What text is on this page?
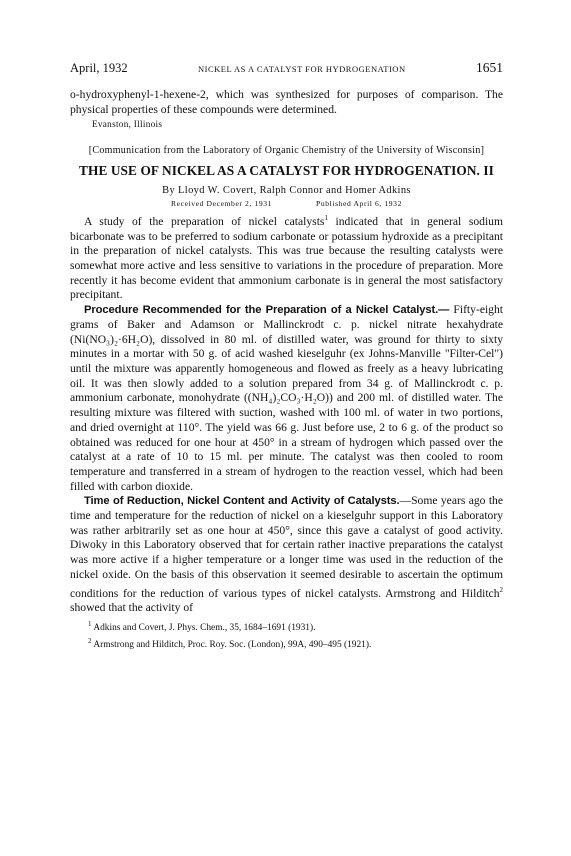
April, 1932	NICKEL AS A CATALYST FOR HYDROGENATION	1651

o-hydroxyphenyl-1-hexene-2, which was synthesized for purposes of comparison. The physical properties of these compounds were determined.

Evanston, Illinois

[Communication from the Laboratory of Organic Chemistry of the University of Wisconsin]

THE USE OF NICKEL AS A CATALYST FOR HYDROGENATION. II

By Lloyd W. Covert, Ralph Connor and Homer Adkins

Received December 2, 1931	Published April 6, 1932

A study of the preparation of nickel catalysts$^1$ indicated that in general sodium bicarbonate was to be preferred to sodium carbonate or potassium hydroxide as a precipitant in the preparation of nickel catalysts. This was true because the resulting catalysts were somewhat more active and less sensitive to variations in the procedure of preparation. More recently it has become evident that ammonium carbonate is in general the most satisfactory precipitant.

Procedure Recommended for the Preparation of a Nickel Catalyst.— Fifty-eight grams of Baker and Adamson or Mallinckrodt c. p. nickel nitrate hexahydrate (Ni(NO₃)₂·6H₂O), dissolved in 80 ml. of distilled water, was ground for thirty to sixty minutes in a mortar with 50 g. of acid washed kieselguhr (ex Johns-Manville "Filter-Cel") until the mixture was apparently homogeneous and flowed as freely as a heavy lubricating oil. It was then slowly added to a solution prepared from 34 g. of Mallinckrodt c. p. ammonium carbonate, monohydrate ((NH₄)₂CO₃·H₂O)) and 200 ml. of distilled water. The resulting mixture was filtered with suction, washed with 100 ml. of water in two portions, and dried overnight at 110°. The yield was 66 g. Just before use, 2 to 6 g. of the product so obtained was reduced for one hour at 450° in a stream of hydrogen which passed over the catalyst at a rate of 10 to 15 ml. per minute. The catalyst was then cooled to room temperature and transferred in a stream of hydrogen to the reaction vessel, which had been filled with carbon dioxide.

Time of Reduction, Nickel Content and Activity of Catalysts.—Some years ago the time and temperature for the reduction of nickel on a kieselguhr support in this Laboratory was rather arbitrarily set as one hour at 450°, since this gave a catalyst of good activity. Diwoky in this Laboratory observed that for certain rather inactive preparations the catalyst was more active if a higher temperature or a longer time was used in the reduction of the nickel oxide. On the basis of this observation it seemed desirable to ascertain the optimum conditions for the reduction of various types of nickel catalysts. Armstrong and Hilditch$^2$ showed that the activity of

$^1$ Adkins and Covert, J. Phys. Chem., 35, 1684–1691 (1931).
$^2$ Armstrong and Hilditch, Proc. Roy. Soc. (London), 99A, 490–495 (1921).
